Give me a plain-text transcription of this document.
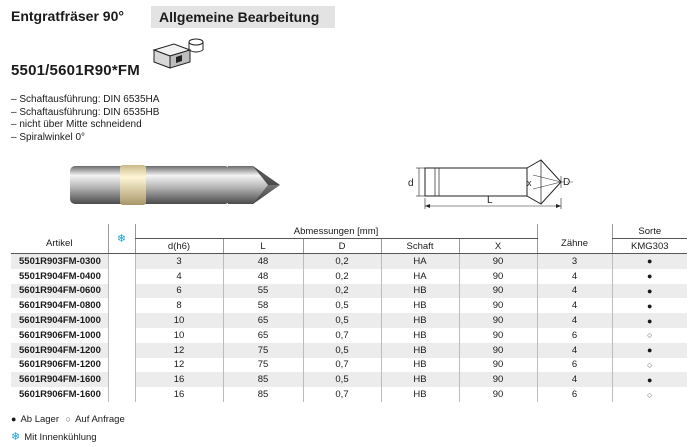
Entgratfräser 90°	Allgemeine Bearbeitung
5501/5601R90*FM
– Schaftausführung: DIN 6535HA
– Schaftausführung: DIN 6535HB
– nicht über Mitte schneidend
– Spiralwinkel 0°
x
d	D
L
Artikel	❄	Abmessungen [mm]					Zähne	Sorte
		d(h6)	L	D	Schaft	X		KMG303
5501R903FM-0300		3	48	0,2	HA	90	3	●
5501R904FM-0400		4	48	0,2	HA	90	4	●
5601R904FM-0600		6	55	0,2	HB	90	4	●
5601R904FM-0800		8	58	0,5	HB	90	4	●
5601R904FM-1000		10	65	0,5	HB	90	4	●
5601R906FM-1000		10	65	0,7	HB	90	6	○
5601R904FM-1200		12	75	0,5	HB	90	4	●
5601R906FM-1200		12	75	0,7	HB	90	6	○
5601R904FM-1600		16	85	0,5	HB	90	4	●
5601R906FM-1600		16	85	0,7	HB	90	6	○
● Ab Lager ○ Auf Anfrage
❄ Mit Innenkühlung
